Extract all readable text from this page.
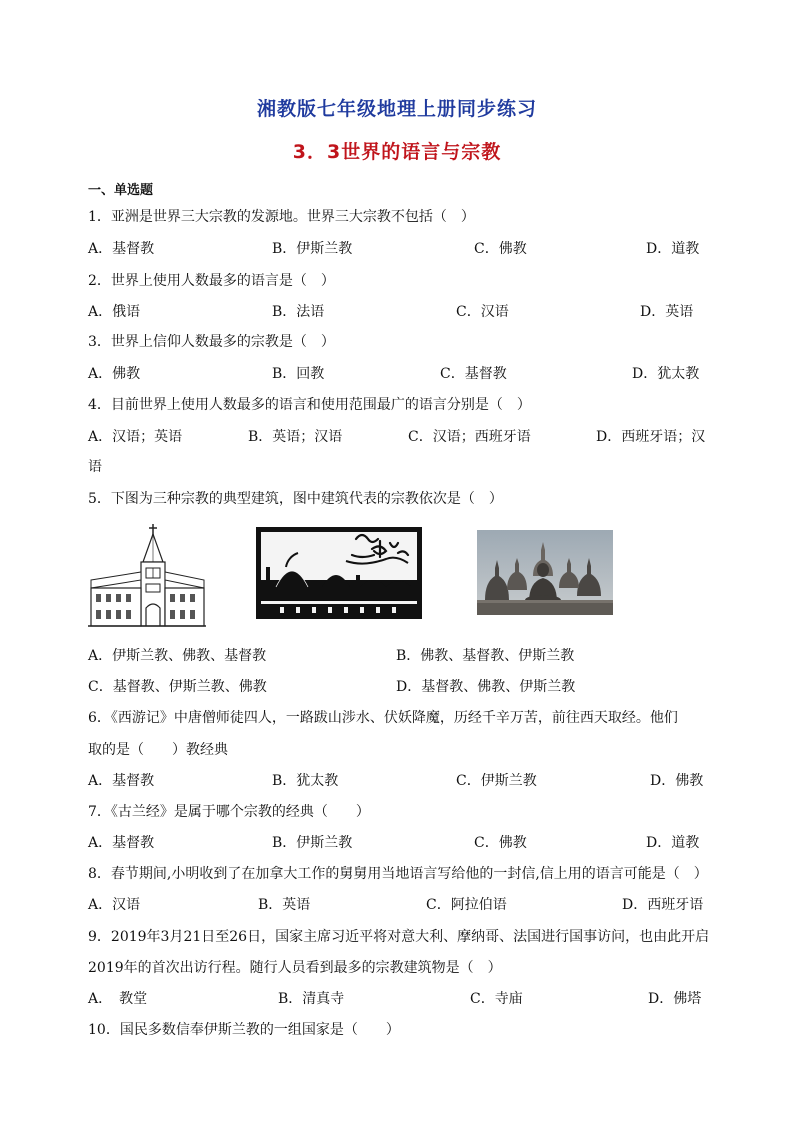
湘教版七年级地理上册同步练习
3．3世界的语言与宗教
一、单选题
1．亚洲是世界三大宗教的发源地。世界三大宗教不包括（　）
A．基督教	B．伊斯兰教	C．佛教	D．道教
2．世界上使用人数最多的语言是（　）
A．俄语	B．法语	C．汉语	D．英语
3．世界上信仰人数最多的宗教是（　）
A．佛教	B．回教	C．基督教	D．犹太教
4．目前世界上使用人数最多的语言和使用范围最广的语言分别是（　）
A．汉语；英语	B．英语；汉语	C．汉语；西班牙语	D．西班牙语；汉
语
5．下图为三种宗教的典型建筑，图中建筑代表的宗教依次是（　）
A．伊斯兰教、佛教、基督教	B．佛教、基督教、伊斯兰教
C．基督教、伊斯兰教、佛教	D．基督教、佛教、伊斯兰教
6．《西游记》中唐僧师徒四人，一路跋山涉水、伏妖降魔，历经千辛万苦，前往西天取经。他们
取的是（　　）教经典
A．基督教	B．犹太教	C．伊斯兰教	D．佛教
7．《古兰经》是属于哪个宗教的经典（　　）
A．基督教	B．伊斯兰教	C．佛教	D．道教
8．春节期间,小明收到了在加拿大工作的舅舅用当地语言写给他的一封信,信上用的语言可能是（　）
A．汉语	B．英语	C．阿拉伯语	D．西班牙语
9．2019年3月21日至26日，国家主席习近平将对意大利、摩纳哥、法国进行国事访问，也由此开启
2019年的首次出访行程。随行人员看到最多的宗教建筑物是（　）
A．　教堂	B．清真寺	C．寺庙	D．佛塔
10．国民多数信奉伊斯兰教的一组国家是（　　）
